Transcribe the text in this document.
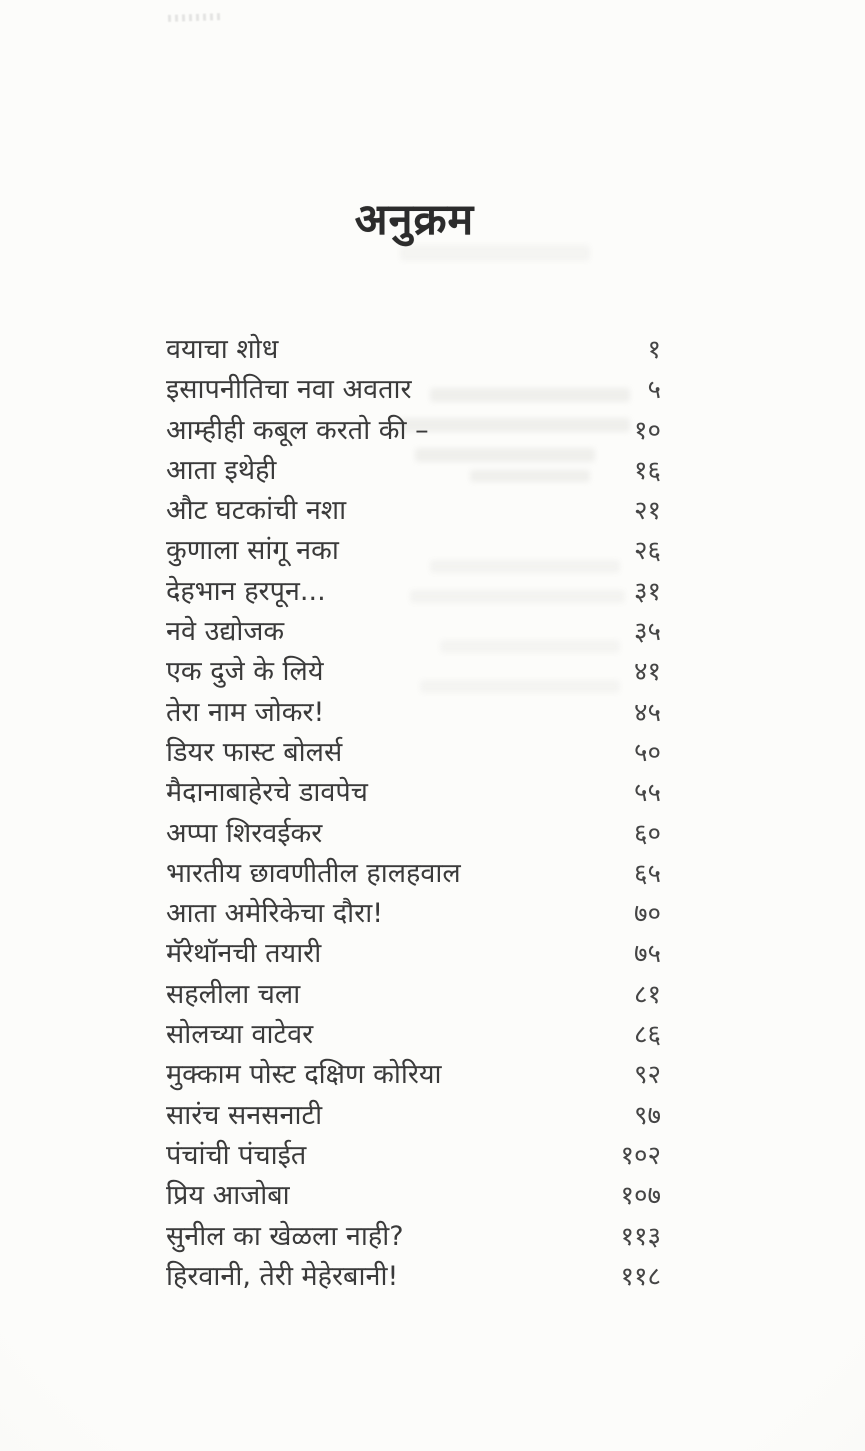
अनुक्रम
वयाचा शोध	१
इसापनीतिचा नवा अवतार	५
आम्हीही कबूल करतो की –	१०
आता इथेही	१६
औट घटकांची नशा	२१
कुणाला सांगू नका	२६
देहभान हरपून...	३१
नवे उद्योजक	३५
एक दुजे के लिये	४१
तेरा नाम जोकर!	४५
डियर फास्ट बोलर्स	५०
मैदानाबाहेरचे डावपेच	५५
अप्पा शिरवईकर	६०
भारतीय छावणीतील हालहवाल	६५
आता अमेरिकेचा दौरा!	७०
मॅरेथॉनची तयारी	७५
सहलीला चला	८१
सोलच्या वाटेवर	८६
मुक्काम पोस्ट दक्षिण कोरिया	९२
सारंच सनसनाटी	९७
पंचांची पंचाईत	१०२
प्रिय आजोबा	१०७
सुनील का खेळला नाही?	११३
हिरवानी, तेरी मेहेरबानी!	११८
